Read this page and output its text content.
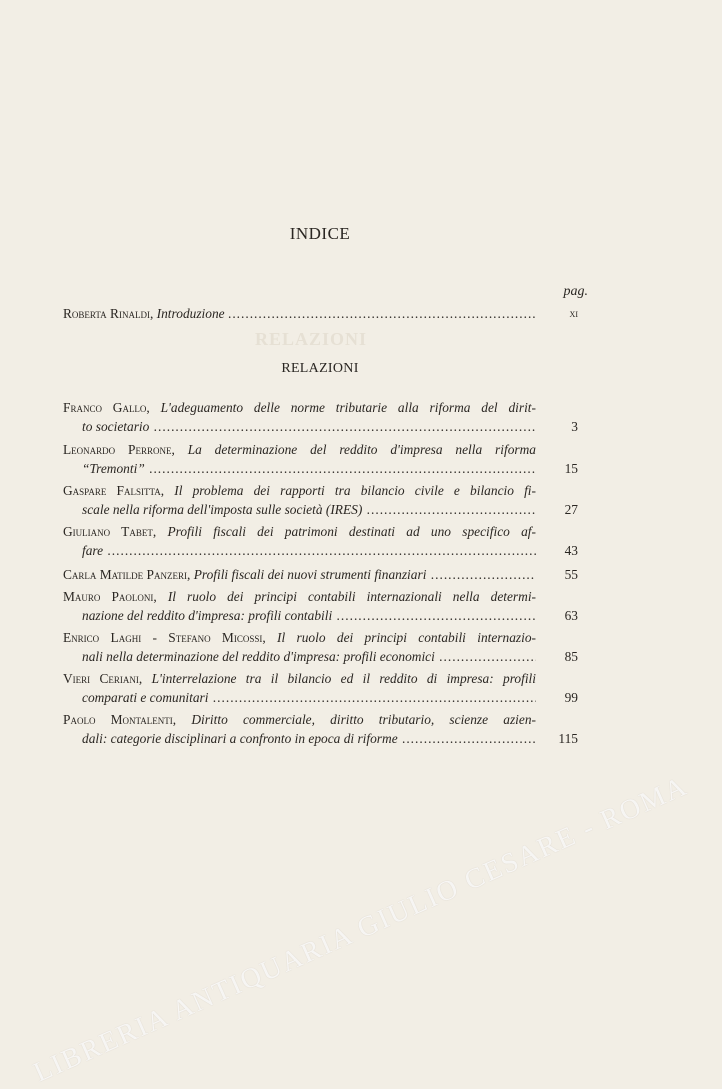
RELAZIONI
INDICE
pag.
Roberta Rinaldi, Introduzione .....	xi
RELAZIONI
Franco Gallo, L'adeguamento delle norme tributarie alla riforma del dirit-
to societario .....	3
Leonardo Perrone, La determinazione del reddito d'impresa nella riforma
“Tremonti” .....	15
Gaspare Falsitta, Il problema dei rapporti tra bilancio civile e bilancio fi-
scale nella riforma dell'imposta sulle società (IRES) .....	27
Giuliano Tabet, Profili fiscali dei patrimoni destinati ad uno specifico af-
fare .....	43
Carla Matilde Panzeri, Profili fiscali dei nuovi strumenti finanziari .....	55
Mauro Paoloni, Il ruolo dei principi contabili internazionali nella determi-
nazione del reddito d'impresa: profili contabili .....	63
Enrico Laghi - Stefano Micossi, Il ruolo dei principi contabili internazio-
nali nella determinazione del reddito d'impresa: profili economici .....	85
Vieri Ceriani, L'interrelazione tra il bilancio ed il reddito di impresa: profili
comparati e comunitari .....	99
Paolo Montalenti, Diritto commerciale, diritto tributario, scienze azien-
dali: categorie disciplinari a confronto in epoca di riforme .....	115
LIBRERIA ANTIQUARIA GIULIO CESARE - ROMA
